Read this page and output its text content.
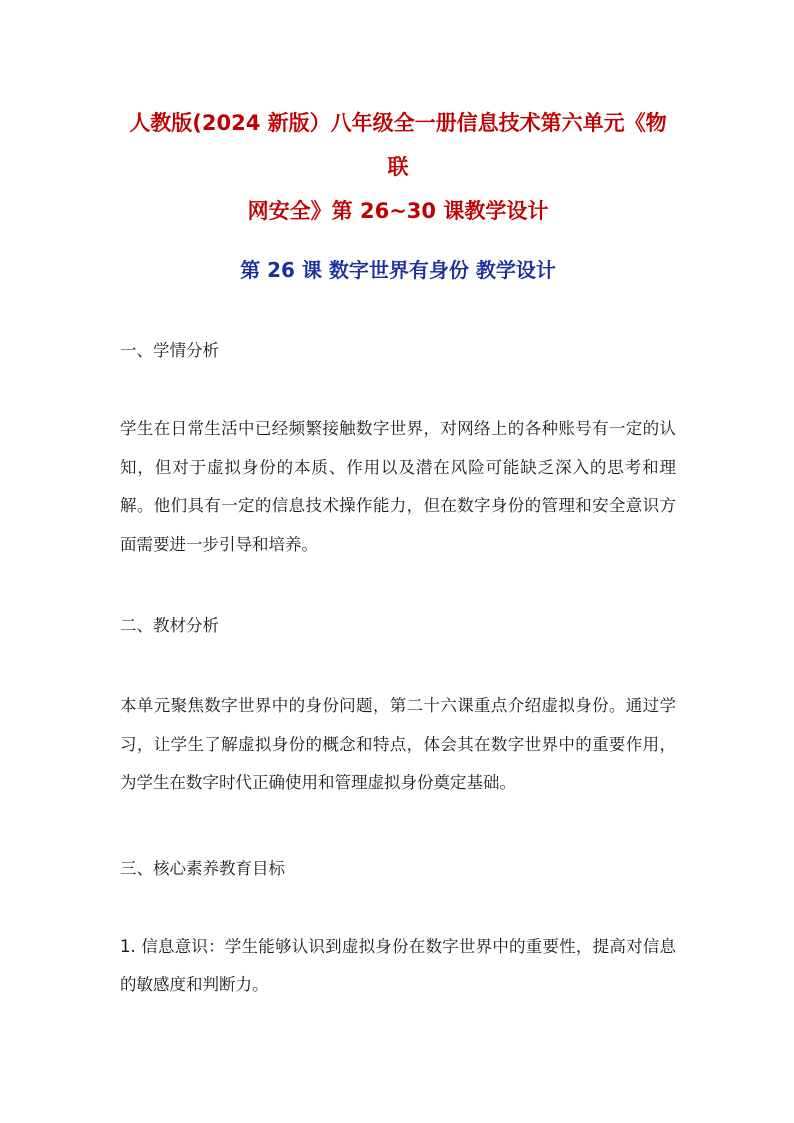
人教版(2024 新版）八年级全一册信息技术第六单元《物联
网安全》第 26~30 课教学设计
第 26 课 数字世界有身份 教学设计

一、学情分析

学生在日常生活中已经频繁接触数字世界，对网络上的各种账号有一定的认知，但对于虚拟身份的本质、作用以及潜在风险可能缺乏深入的思考和理解。他们具有一定的信息技术操作能力，但在数字身份的管理和安全意识方面需要进一步引导和培养。

二、教材分析

本单元聚焦数字世界中的身份问题，第二十六课重点介绍虚拟身份。通过学习，让学生了解虚拟身份的概念和特点，体会其在数字世界中的重要作用，为学生在数字时代正确使用和管理虚拟身份奠定基础。

三、核心素养教育目标

1. 信息意识：学生能够认识到虚拟身份在数字世界中的重要性，提高对信息的敏感度和判断力。
